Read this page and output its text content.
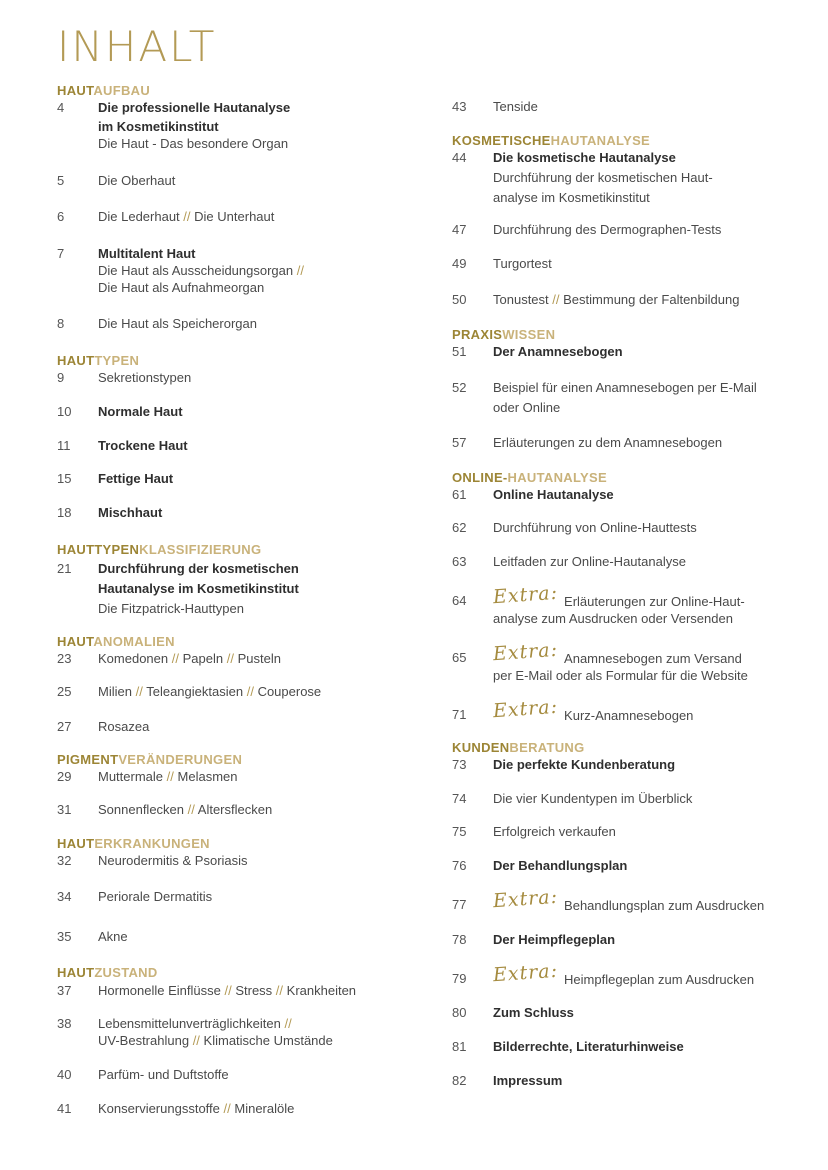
INHALT
HAUTAUFBAU
4	Die professionelle Hautanalyse
im Kosmetikinstitut
Die Haut - Das besondere Organ
5	Die Oberhaut
6	Die Lederhaut // Die Unterhaut
7	Multitalent Haut
Die Haut als Ausscheidungsorgan //
Die Haut als Aufnahmeorgan
8	Die Haut als Speicherorgan
HAUTTYPEN
9	Sekretionstypen
10 Normale Haut
11 Trockene Haut
15 Fettige Haut
18 Mischhaut
HAUTTYPENKLASSIFIZIERUNG
21 Durchführung der kosmetischen
Hautanalyse im Kosmetikinstitut
Die Fitzpatrick-Hauttypen
HAUTANOMALIEN
23 Komedonen // Papeln // Pusteln
25 Milien // Teleangiektasien // Couperose
27 Rosazea
PIGMENTVERÄNDERUNGEN
29 Muttermale // Melasmen
31 Sonnenflecken // Altersflecken
HAUTERKRANKUNGEN
32 Neurodermitis & Psoriasis
34 Periorale Dermatitis
35 Akne
HAUTZUSTAND
37 Hormonelle Einflüsse // Stress // Krankheiten
38 Lebensmittelunverträglichkeiten //
UV-Bestrahlung // Klimatische Umstände
40 Parfüm- und Duftstoffe
41 Konservierungsstoffe // Mineralöle
43 Tenside
KOSMETISCHEHAUTANALYSE
44 Die kosmetische Hautanalyse
Durchführung der kosmetischen Haut-
analyse im Kosmetikinstitut
47 Durchführung des Dermographen-Tests
49 Turgortest
50 Tonustest // Bestimmung der Faltenbildung
PRAXISWISSEN
51 Der Anamnesebogen
52 Beispiel für einen Anamnesebogen per E-Mail
oder Online
57 Erläuterungen zu dem Anamnesebogen
ONLINE-HAUTANALYSE
61 Online Hautanalyse
62 Durchführung von Online-Hauttests
63 Leitfaden zur Online-Hautanalyse
64 Extra: Erläuterungen zur Online-Haut-
analyse zum Ausdrucken oder Versenden
65 Extra: Anamnesebogen zum Versand
per E-Mail oder als Formular für die Website
71 Extra: Kurz-Anamnesebogen
KUNDENBERATUNG
73 Die perfekte Kundenberatung
74 Die vier Kundentypen im Überblick
75 Erfolgreich verkaufen
76 Der Behandlungsplan
77 Extra: Behandlungsplan zum Ausdrucken
78 Der Heimpflegeplan
79 Extra: Heimpflegeplan zum Ausdrucken
80 Zum Schluss
81 Bilderrechte, Literaturhinweise
82 Impressum
